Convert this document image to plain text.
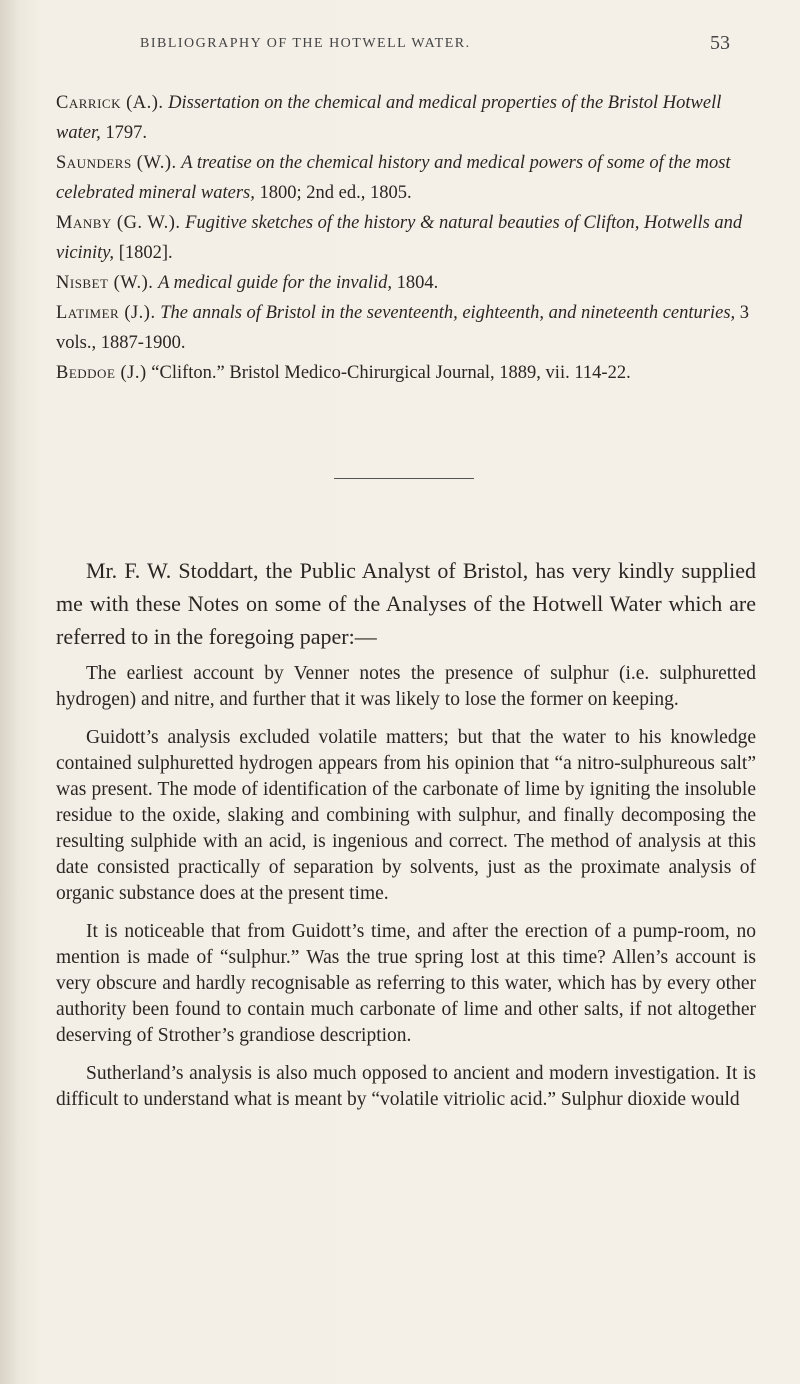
BIBLIOGRAPHY OF THE HOTWELL WATER.	53

Carrick (A.). Dissertation on the chemical and medical properties of the Bristol Hotwell water, 1797.

Saunders (W.). A treatise on the chemical history and medical powers of some of the most celebrated mineral waters, 1800; 2nd ed., 1805.

Manby (G. W.). Fugitive sketches of the history & natural beauties of Clifton, Hotwells and vicinity, [1802].

Nisbet (W.). A medical guide for the invalid, 1804.

Latimer (J.). The annals of Bristol in the seventeenth, eighteenth, and nineteenth centuries, 3 vols., 1887-1900.

Beddoe (J.) “Clifton.” Bristol Medico-Chirurgical Journal, 1889, vii. 114-22.

Mr. F. W. Stoddart, the Public Analyst of Bristol, has very kindly supplied me with these Notes on some of the Analyses of the Hotwell Water which are referred to in the foregoing paper:—

The earliest account by Venner notes the presence of sulphur (i.e. sulphuretted hydrogen) and nitre, and further that it was likely to lose the former on keeping.

Guidott’s analysis excluded volatile matters; but that the water to his knowledge contained sulphuretted hydrogen appears from his opinion that “a nitro-sulphureous salt” was present. The mode of identification of the carbonate of lime by igniting the insoluble residue to the oxide, slaking and combining with sulphur, and finally decomposing the resulting sulphide with an acid, is ingenious and correct. The method of analysis at this date consisted practically of separation by solvents, just as the proximate analysis of organic substance does at the present time.

It is noticeable that from Guidott’s time, and after the erection of a pump-room, no mention is made of “sulphur.” Was the true spring lost at this time? Allen’s account is very obscure and hardly recognisable as referring to this water, which has by every other authority been found to contain much carbonate of lime and other salts, if not altogether deserving of Strother’s grandiose description.

Sutherland’s analysis is also much opposed to ancient and modern investigation. It is difficult to understand what is meant by “volatile vitriolic acid.” Sulphur dioxide would
